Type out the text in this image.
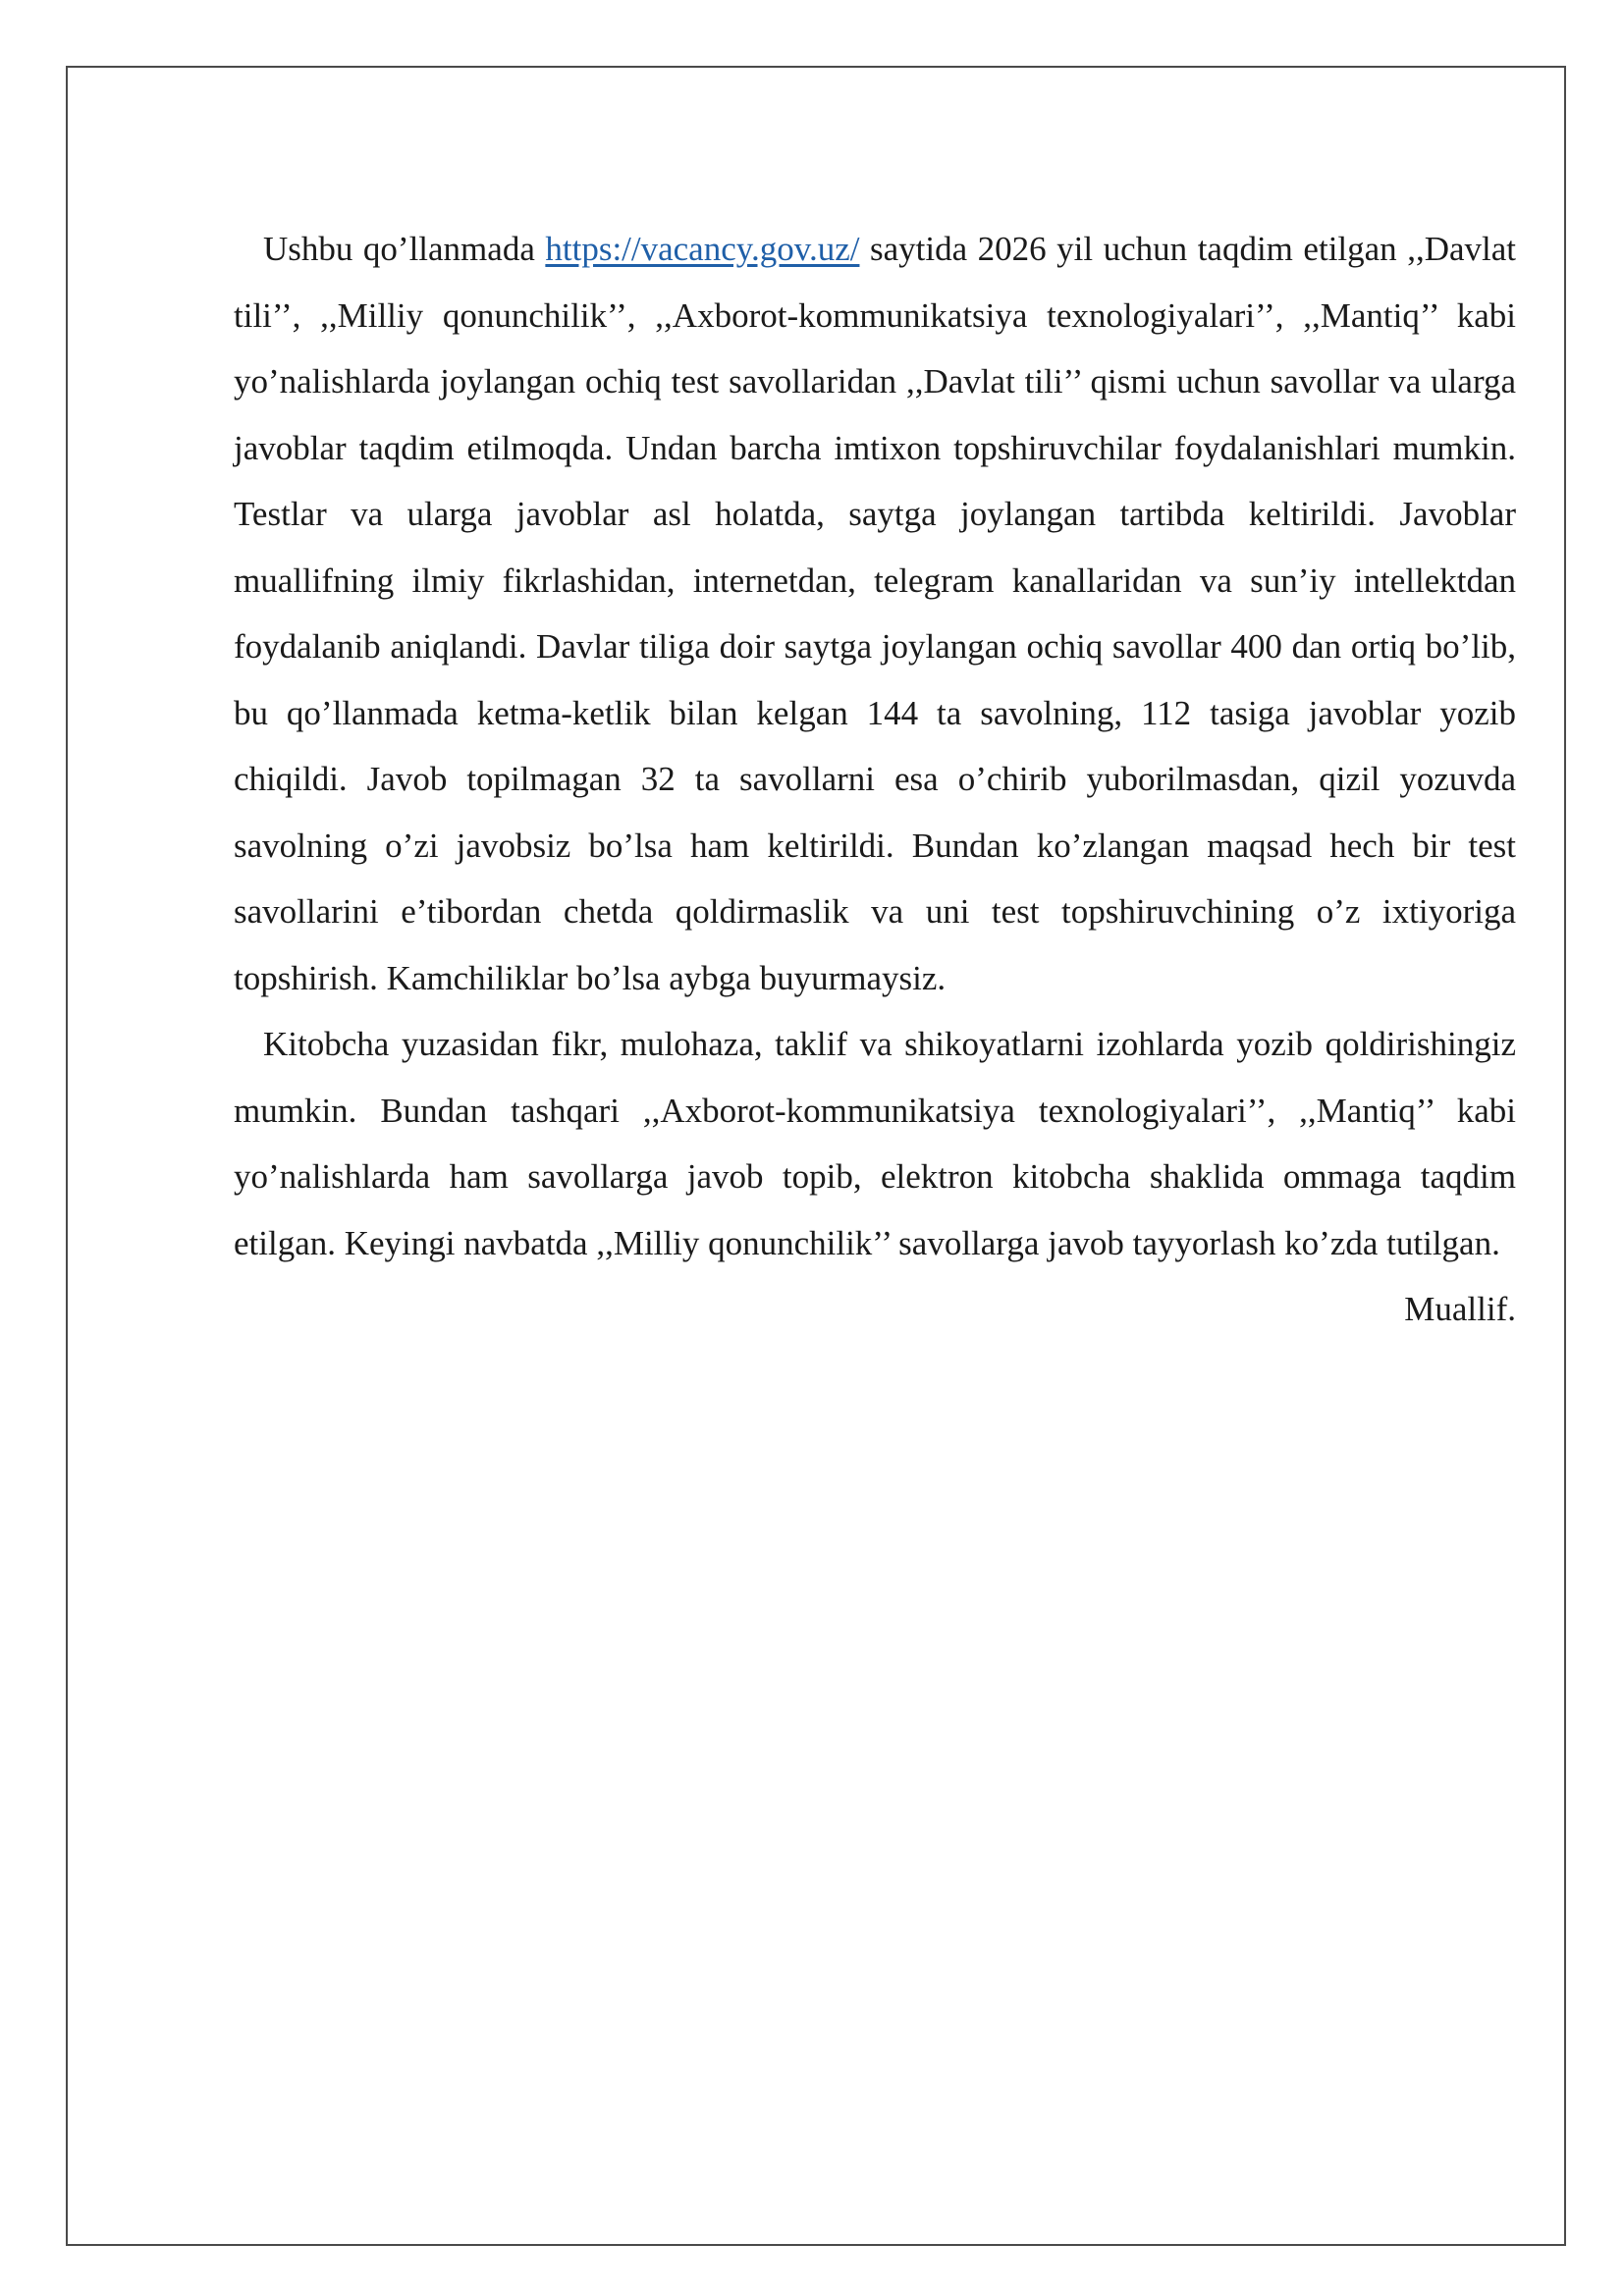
Ushbu qo’llanmada https://vacancy.gov.uz/ saytida 2026 yil uchun taqdim etilgan ,,Davlat tili’’, ,,Milliy qonunchilik’’, ,,Axborot-kommunikatsiya texnologiyalari’’, ,,Mantiq’’ kabi yo’nalishlarda joylangan ochiq test savollaridan ,,Davlat tili’’ qismi uchun savollar va ularga javoblar taqdim etilmoqda. Undan barcha imtixon topshiruvchilar foydalanishlari mumkin. Testlar va ularga javoblar asl holatda, saytga joylangan tartibda keltirildi. Javoblar muallifning ilmiy fikrlashidan, internetdan, telegram kanallaridan va sun’iy intellektdan foydalanib aniqlandi. Davlar tiliga doir saytga joylangan ochiq savollar 400 dan ortiq bo’lib, bu qo’llanmada ketma-ketlik bilan kelgan 144 ta savolning, 112 tasiga javoblar yozib chiqildi. Javob topilmagan 32 ta savollarni esa o’chirib yuborilmasdan, qizil yozuvda savolning o’zi javobsiz bo’lsa ham keltirildi. Bundan ko’zlangan maqsad hech bir test savollarini e’tibordan chetda qoldirmaslik va uni test topshiruvchining o’z ixtiyoriga topshirish. Kamchiliklar bo’lsa aybga buyurmaysiz.

Kitobcha yuzasidan fikr, mulohaza, taklif va shikoyatlarni izohlarda yozib qoldirishingiz mumkin. Bundan tashqari ,,Axborot-kommunikatsiya texnologiyalari’’, ,,Mantiq’’ kabi yo’nalishlarda ham savollarga javob topib, elektron kitobcha shaklida ommaga taqdim etilgan. Keyingi navbatda ,,Milliy qonunchilik’’ savollarga javob tayyorlash ko’zda tutilgan.

Muallif.
